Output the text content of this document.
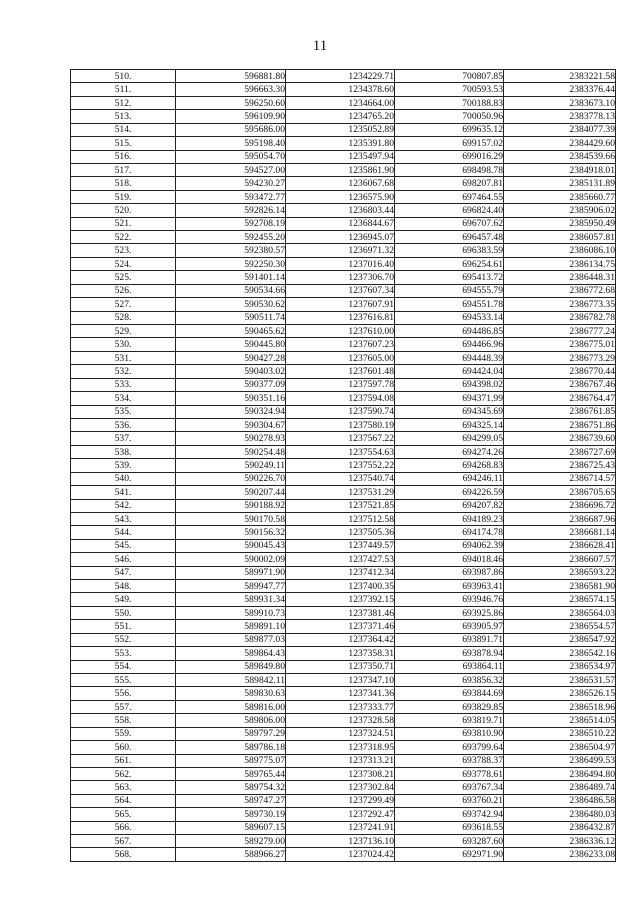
11
510.	596881.80	1234229.71	700807.85	2383221.58
511.	596663.30	1234378.60	700593.53	2383376.44
512.	596250.60	1234664.00	700188.83	2383673.10
513.	596109.90	1234765.20	700050.96	2383778.13
514.	595686.00	1235052.89	699635.12	2384077.39
515.	595198.40	1235391.80	699157.02	2384429.60
516.	595054.70	1235497.94	699016.29	2384539.66
517.	594527.00	1235861.90	698498.78	2384918.01
518.	594230.27	1236067.68	698207.81	2385131.89
519.	593472.77	1236575.90	697464.55	2385660.77
520.	592826.14	1236803.44	696824.40	2385906.02
521.	592708.19	1236844.67	696707.62	2385950.49
522.	592455.20	1236945.07	696457.48	2386057.81
523.	592380.57	1236971.32	696383.59	2386086.10
524.	592250.30	1237016.40	696254.61	2386134.75
525.	591401.14	1237306.70	695413.72	2386448.31
526.	590534.66	1237607.34	694555.79	2386772.68
527.	590530.62	1237607.91	694551.78	2386773.35
528.	590511.74	1237616.81	694533.14	2386782.78
529.	590465.62	1237610.00	694486.85	2386777.24
530.	590445.80	1237607.23	694466.96	2386775.01
531.	590427.28	1237605.00	694448.39	2386773.29
532.	590403.02	1237601.48	694424.04	2386770.44
533.	590377.09	1237597.78	694398.02	2386767.46
534.	590351.16	1237594.08	694371.99	2386764.47
535.	590324.94	1237590.74	694345.69	2386761.85
536.	590304.67	1237580.19	694325.14	2386751.86
537.	590278.93	1237567.22	694299.05	2386739.60
538.	590254.48	1237554.63	694274.26	2386727.69
539.	590249.11	1237552.22	694268.83	2386725.43
540.	590226.70	1237540.74	694246.11	2386714.57
541.	590207.44	1237531.29	694226.59	2386705.65
542.	590188.92	1237521.85	694207.82	2386696.72
543.	590170.58	1237512.58	694189.23	2386687.96
544.	590156.32	1237505.36	694174.78	2386681.14
545.	590045.43	1237449.57	694062.39	2386628.41
546.	590002.09	1237427.53	694018.46	2386607.57
547.	589971.90	1237412.34	693987.86	2386593.22
548.	589947.77	1237400.35	693963.41	2386581.90
549.	589931.34	1237392.15	693946.76	2386574.15
550.	589910.73	1237381.46	693925.86	2386564.03
551.	589891.10	1237371.46	693905.97	2386554.57
552.	589877.03	1237364.42	693891.71	2386547.92
553.	589864.43	1237358.31	693878.94	2386542.16
554.	589849.80	1237350.71	693864.11	2386534.97
555.	589842.11	1237347.10	693856.32	2386531.57
556.	589830.63	1237341.36	693844.69	2386526.15
557.	589816.00	1237333.77	693829.85	2386518.96
558.	589806.00	1237328.58	693819.71	2386514.05
559.	589797.29	1237324.51	693810.90	2386510.22
560.	589786.18	1237318.95	693799.64	2386504.97
561.	589775.07	1237313.21	693788.37	2386499.53
562.	589765.44	1237308.21	693778.61	2386494.80
563.	589754.32	1237302.84	693767.34	2386489.74
564.	589747.27	1237299.49	693760.21	2386486.58
565.	589730.19	1237292.47	693742.94	2386480.03
566.	589607.15	1237241.91	693618.55	2386432.87
567.	589279.00	1237136.10	693287.60	2386336.12
568.	588966.27	1237024.42	692971.90	2386233.08
